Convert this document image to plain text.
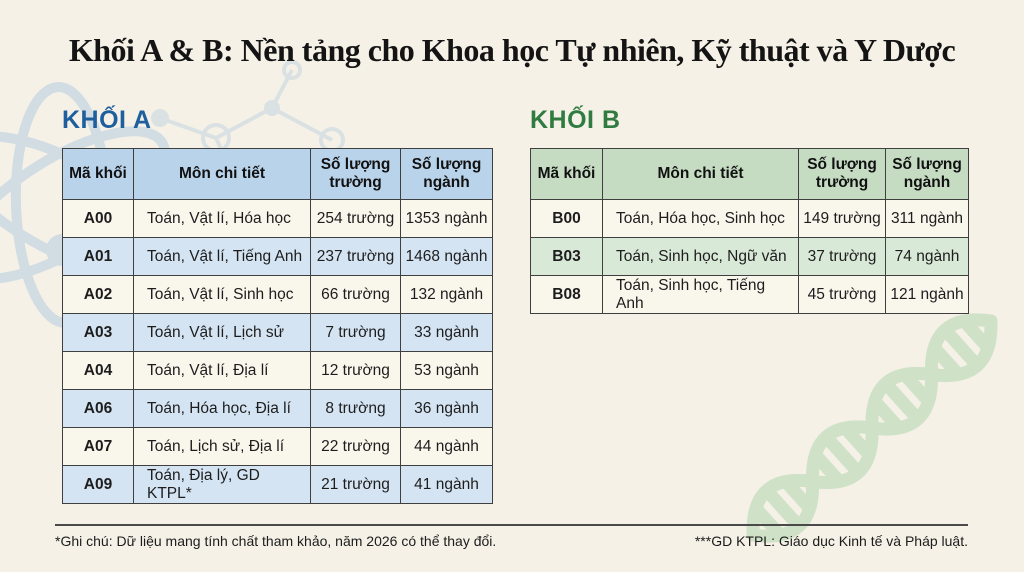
Khối A & B: Nền tảng cho Khoa học Tự nhiên, Kỹ thuật và Y Dược
KHỐI A	KHỐI B
Mã khối	Môn chi tiết	Số lượng trường	Số lượng ngành
A00	Toán, Vật lí, Hóa học	254 trường	1353 ngành
A01	Toán, Vật lí, Tiếng Anh	237 trường	1468 ngành
A02	Toán, Vật lí, Sinh học	66 trường	132 ngành
A03	Toán, Vật lí, Lịch sử	7 trường	33 ngành
A04	Toán, Vật lí, Địa lí	12 trường	53 ngành
A06	Toán, Hóa học, Địa lí	8 trường	36 ngành
A07	Toán, Lịch sử, Địa lí	22 trường	44 ngành
A09	Toán, Địa lý, GD KTPL*	21 trường	41 ngành
Mã khối	Môn chi tiết	Số lượng trường	Số lượng ngành
B00	Toán, Hóa học, Sinh học	149 trường	311 ngành
B03	Toán, Sinh học, Ngữ văn	37 trường	74 ngành
B08	Toán, Sinh học, Tiếng Anh	45 trường	121 ngành
*Ghi chú: Dữ liệu mang tính chất tham khảo, năm 2026 có thể thay đổi.	***GD KTPL: Giáo dục Kinh tế và Pháp luật.
